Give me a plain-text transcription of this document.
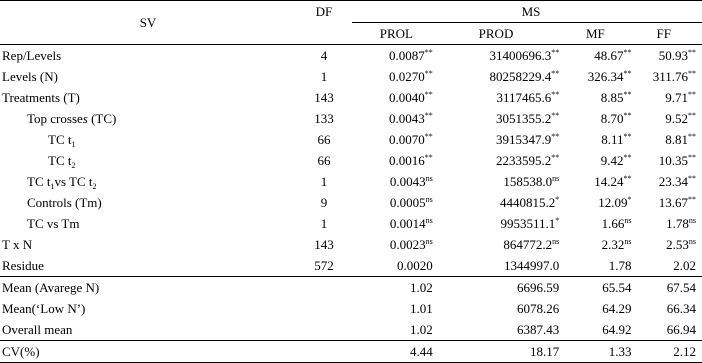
SV	DF	MS			
		PROL	PROD	MF	FF
Rep/Levels	4	0.0087**	31400696.3**	48.67**	50.93**
Levels (N)	1	0.0270**	80258229.4**	326.34**	311.76**
Treatments (T)	143	0.0040**	3117465.6**	8.85**	9.71**
Top crosses (TC)	133	0.0043**	3051355.2**	8.70**	9.52**
TC $t_1$	66	0.0070**	3915347.9**	8.11**	8.81**
TC $t_2$	66	0.0016**	2233595.2**	9.42**	10.35**
TC $t_1vs$ TC $t_2$	1	$0.0043^{ns}$	$158538.0^{ns}$	14.24**	23.34**
Controls (Tm)	9	$0.0005^{ns}$	4440815.2*	12.09*	13.67**
TC vs Tm	1	$0.0014^{ns}$	9953511.1*	$1.66^{ns}$	$1.78^{ns}$
T x N	143	$0.0023^{ns}$	$864772.2^{ns}$	$2.32^{ns}$	$2.53^{ns}$
Residue	572	0.0020	1344997.0	1.78	2.02
Mean (Avarege N)		1.02	6696.59	65.54	67.54
Mean(‘Low N’)		1.01	6078.26	64.29	66.34
Overall mean		1.02	6387.43	64.92	66.94
CV(%)		4.44	18.17	1.33	2.12
